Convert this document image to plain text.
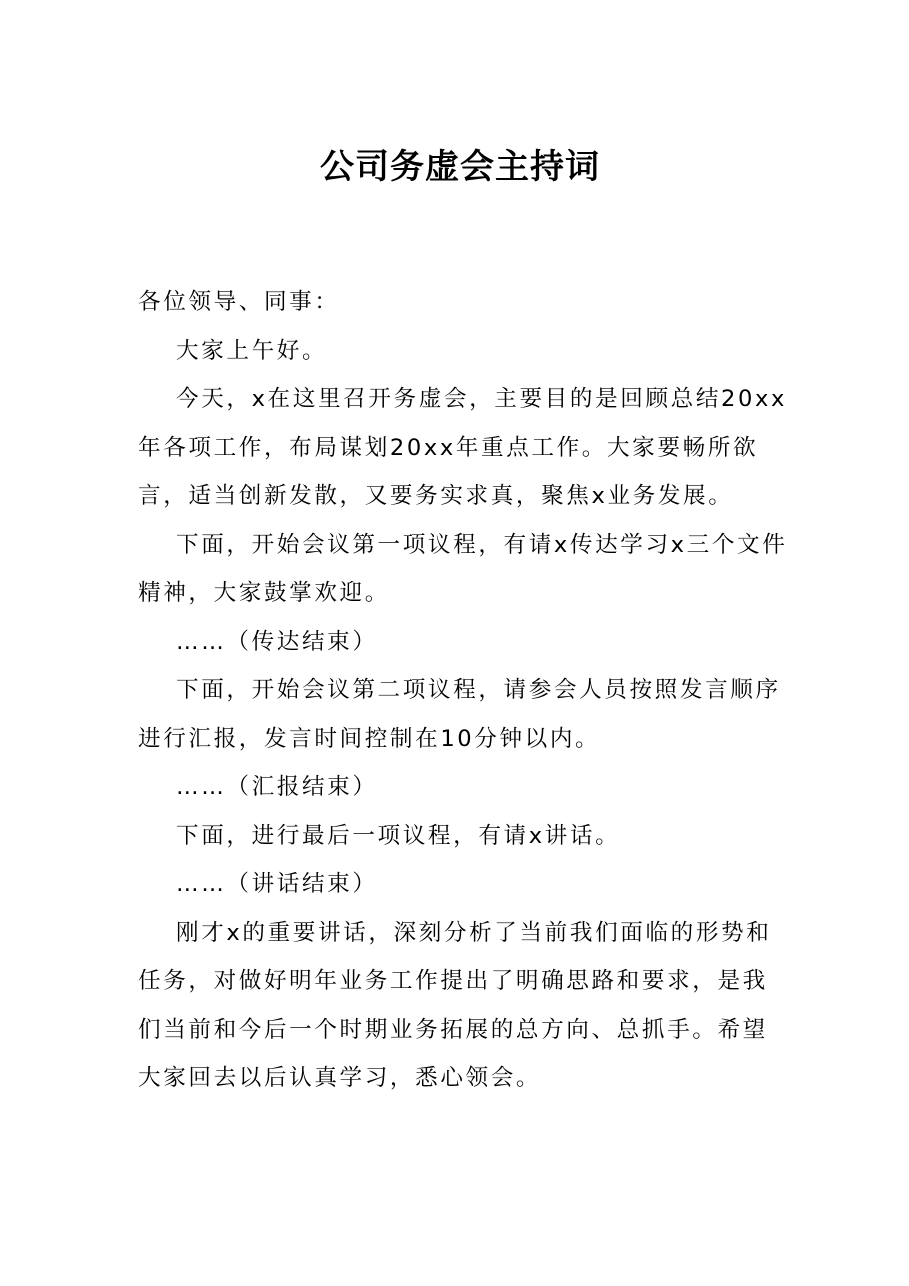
公司务虚会主持词

各位领导、同事：

大家上午好。

今天，x在这里召开务虚会，主要目的是回顾总结20xx年各项工作，布局谋划20xx年重点工作。大家要畅所欲言，适当创新发散，又要务实求真，聚焦x业务发展。

下面，开始会议第一项议程，有请x传达学习x三个文件精神，大家鼓掌欢迎。

……（传达结束）

下面，开始会议第二项议程，请参会人员按照发言顺序进行汇报，发言时间控制在10分钟以内。

……（汇报结束）

下面，进行最后一项议程，有请x讲话。

……（讲话结束）

刚才x的重要讲话，深刻分析了当前我们面临的形势和任务，对做好明年业务工作提出了明确思路和要求，是我们当前和今后一个时期业务拓展的总方向、总抓手。希望大家回去以后认真学习，悉心领会。
